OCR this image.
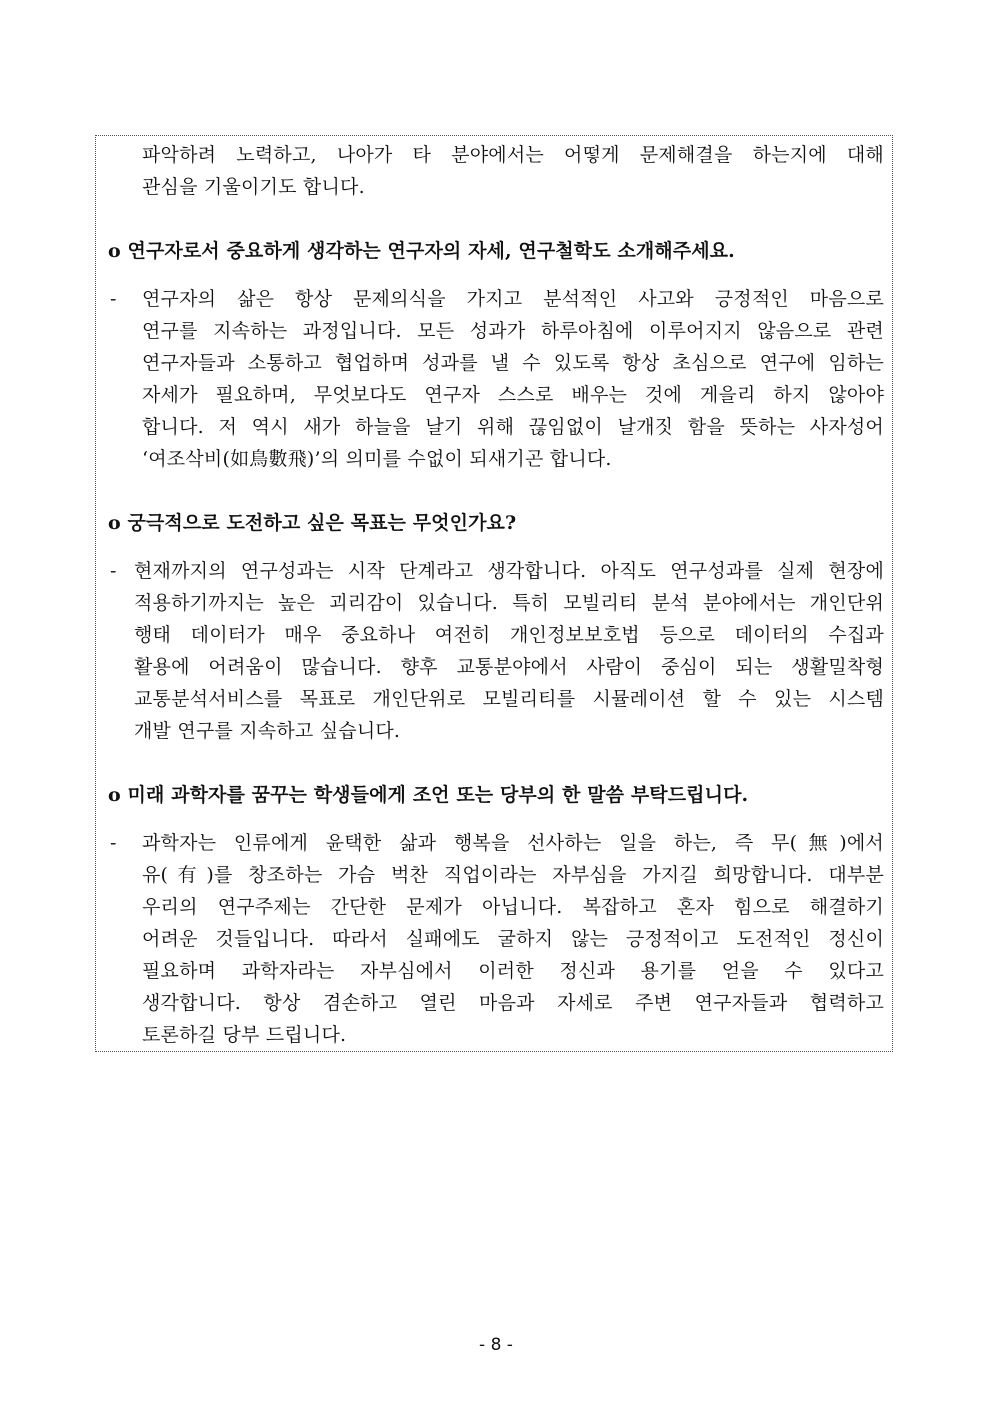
파악하려 노력하고, 나아가 타 분야에서는 어떻게 문제해결을 하는지에 대해
관심을 기울이기도 합니다.
o 연구자로서 중요하게 생각하는 연구자의 자세, 연구철학도 소개해주세요.
- 연구자의 삶은 항상 문제의식을 가지고 분석적인 사고와 긍정적인 마음으로
연구를 지속하는 과정입니다. 모든 성과가 하루아침에 이루어지지 않음으로 관련
연구자들과 소통하고 협업하며 성과를 낼 수 있도록 항상 초심으로 연구에 임하는
자세가 필요하며, 무엇보다도 연구자 스스로 배우는 것에 게을리 하지 않아야
합니다. 저 역시 새가 하늘을 날기 위해 끊임없이 날개짓 함을 뜻하는 사자성어
‘여조삭비(如鳥數飛)’의 의미를 수없이 되새기곤 합니다.
o 궁극적으로 도전하고 싶은 목표는 무엇인가요?
- 현재까지의 연구성과는 시작 단계라고 생각합니다. 아직도 연구성과를 실제 현장에
적용하기까지는 높은 괴리감이 있습니다. 특히 모빌리티 분석 분야에서는 개인단위
행태 데이터가 매우 중요하나 여전히 개인정보보호법 등으로 데이터의 수집과
활용에 어려움이 많습니다. 향후 교통분야에서 사람이 중심이 되는 생활밀착형
교통분석서비스를 목표로 개인단위로 모빌리티를 시뮬레이션 할 수 있는 시스템
개발 연구를 지속하고 싶습니다.
o 미래 과학자를 꿈꾸는 학생들에게 조언 또는 당부의 한 말씀 부탁드립니다.
- 과학자는 인류에게 윤택한 삶과 행복을 선사하는 일을 하는, 즉 무(無)에서
유(有)를 창조하는 가슴 벅찬 직업이라는 자부심을 가지길 희망합니다. 대부분
우리의 연구주제는 간단한 문제가 아닙니다. 복잡하고 혼자 힘으로 해결하기
어려운 것들입니다. 따라서 실패에도 굴하지 않는 긍정적이고 도전적인 정신이
필요하며 과학자라는 자부심에서 이러한 정신과 용기를 얻을 수 있다고
생각합니다. 항상 겸손하고 열린 마음과 자세로 주변 연구자들과 협력하고
토론하길 당부 드립니다.
- 8 -
